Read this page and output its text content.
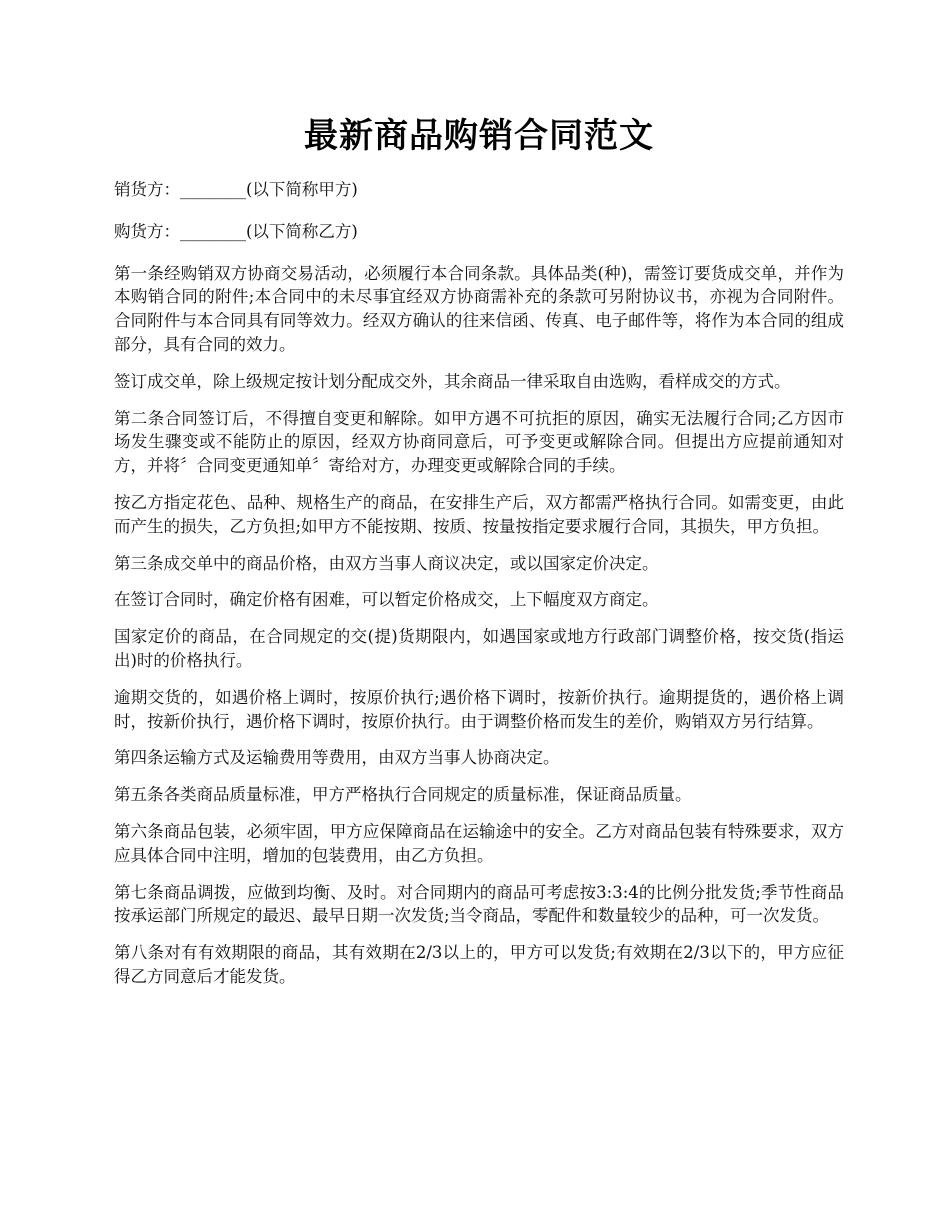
最新商品购销合同范文

销货方：________(以下简称甲方)

购货方：________(以下简称乙方)

第一条经购销双方协商交易活动，必须履行本合同条款。具体品类(种)，需签订要货成交单，并作为本购销合同的附件;本合同中的未尽事宜经双方协商需补充的条款可另附协议书，亦视为合同附件。合同附件与本合同具有同等效力。经双方确认的往来信函、传真、电子邮件等，将作为本合同的组成部分，具有合同的效力。

签订成交单，除上级规定按计划分配成交外，其余商品一律采取自由选购，看样成交的方式。

第二条合同签订后，不得擅自变更和解除。如甲方遇不可抗拒的原因，确实无法履行合同;乙方因市场发生骤变或不能防止的原因，经双方协商同意后，可予变更或解除合同。但提出方应提前通知对方，并将〞合同变更通知单〞寄给对方，办理变更或解除合同的手续。

按乙方指定花色、品种、规格生产的商品，在安排生产后，双方都需严格执行合同。如需变更，由此而产生的损失，乙方负担;如甲方不能按期、按质、按量按指定要求履行合同，其损失，甲方负担。

第三条成交单中的商品价格，由双方当事人商议决定，或以国家定价决定。

在签订合同时，确定价格有困难，可以暂定价格成交，上下幅度双方商定。

国家定价的商品，在合同规定的交(提)货期限内，如遇国家或地方行政部门调整价格，按交货(指运出)时的价格执行。

逾期交货的，如遇价格上调时，按原价执行;遇价格下调时，按新价执行。逾期提货的，遇价格上调时，按新价执行，遇价格下调时，按原价执行。由于调整价格而发生的差价，购销双方另行结算。

第四条运输方式及运输费用等费用，由双方当事人协商决定。

第五条各类商品质量标准，甲方严格执行合同规定的质量标准，保证商品质量。

第六条商品包装，必须牢固，甲方应保障商品在运输途中的安全。乙方对商品包装有特殊要求，双方应具体合同中注明，增加的包装费用，由乙方负担。

第七条商品调拨，应做到均衡、及时。对合同期内的商品可考虑按3:3:4的比例分批发货;季节性商品按承运部门所规定的最迟、最早日期一次发货;当令商品，零配件和数量较少的品种，可一次发货。

第八条对有有效期限的商品，其有效期在2/3以上的，甲方可以发货;有效期在2/3以下的，甲方应征得乙方同意后才能发货。
